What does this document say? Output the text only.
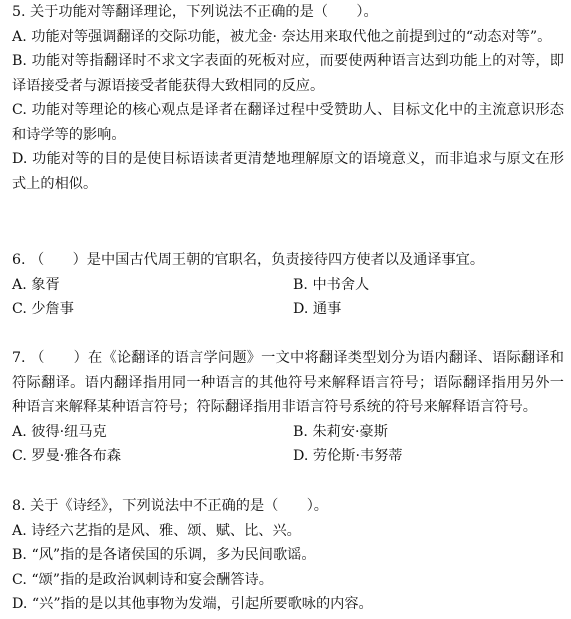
5. 关于功能对等翻译理论，下列说法不正确的是（　　）。
A. 功能对等强调翻译的交际功能，被尤金· 奈达用来取代他之前提到过的“动态对等”。
B. 功能对等指翻译时不求文字表面的死板对应，而要使两种语言达到功能上的对等，即译语接受者与源语接受者能获得大致相同的反应。
C. 功能对等理论的核心观点是译者在翻译过程中受赞助人、目标文化中的主流意识形态和诗学等的影响。
D. 功能对等的目的是使目标语读者更清楚地理解原文的语境意义，而非追求与原文在形式上的相似。
6. （　　）是中国古代周王朝的官职名，负责接待四方使者以及通译事宜。
A. 象胥	B. 中书舍人
C. 少詹事	D. 通事
7. （　　）在《论翻译的语言学问题》一文中将翻译类型划分为语内翻译、语际翻译和符际翻译。语内翻译指用同一种语言的其他符号来解释语言符号；语际翻译指用另外一种语言来解释某种语言符号；符际翻译指用非语言符号系统的符号来解释语言符号。
A. 彼得·纽马克	B. 朱莉安·豪斯
C. 罗曼·雅各布森	D. 劳伦斯·韦努蒂
8. 关于《诗经》，下列说法中不正确的是（　　）。
A. 诗经六艺指的是风、雅、颂、赋、比、兴。
B. “风”指的是各诸侯国的乐调，多为民间歌谣。
C. “颂”指的是政治讽刺诗和宴会酬答诗。
D. “兴”指的是以其他事物为发端，引起所要歌咏的内容。
